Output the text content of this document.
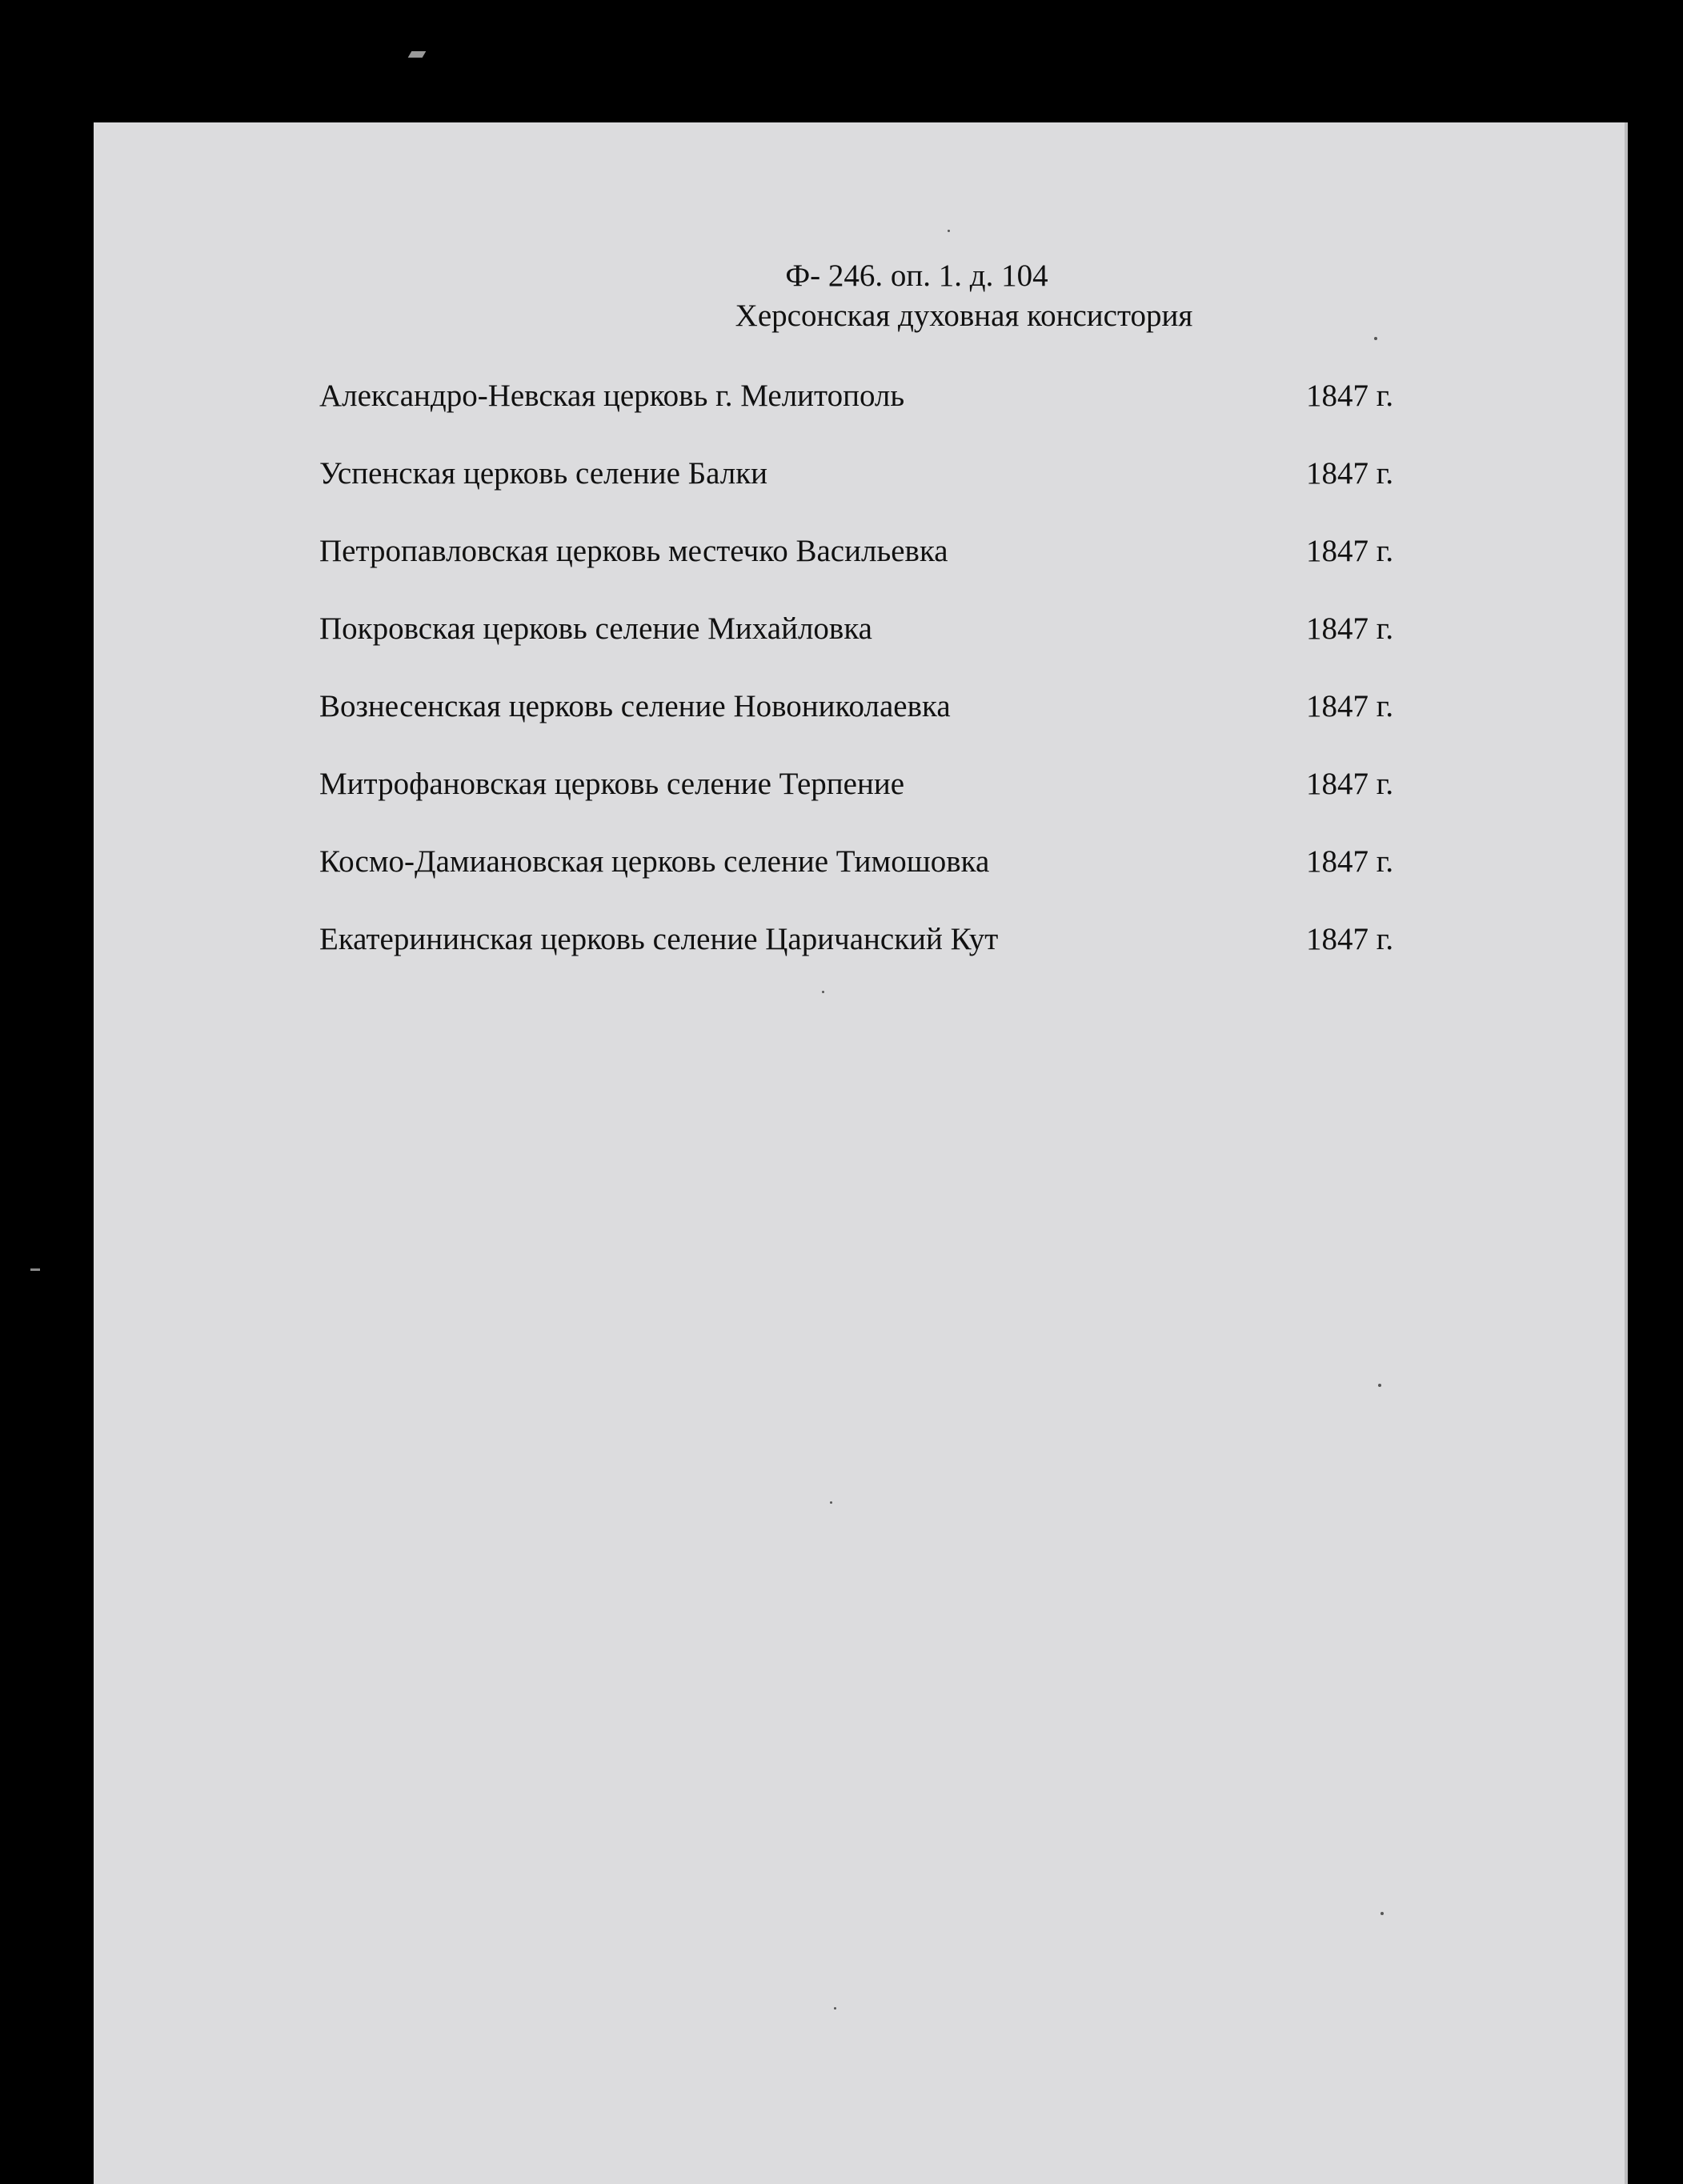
Ф- 246. оп. 1. д. 104
Херсонская духовная консистория
Александро-Невская церковь г. Мелитополь	1847 г.
Успенская церковь селение Балки	1847 г.
Петропавловская церковь местечко Васильевка	1847 г.
Покровская церковь селение Михайловка	1847 г.
Вознесенская церковь селение Новониколаевка	1847 г.
Митрофановская церковь селение Терпение	1847 г.
Космо-Дамиановская церковь селение Тимошовка	1847 г.
Екатерининская церковь селение Царичанский Кут	1847 г.
